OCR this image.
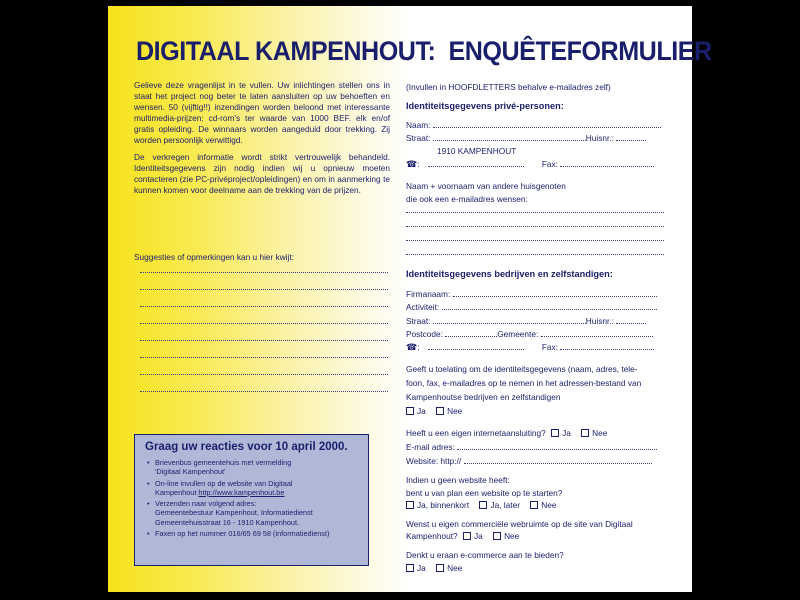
DIGITAAL KAMPENHOUT: ENQUÊTEFORMULIER

Gelieve deze vragenlijst in te vullen. Uw inlichtingen stellen ons in staat het project nog beter te laten aansluiten op uw behoeften en wensen. 50 (vijftig!!) inzendingen worden beloond met interessante multimedia-prijzen: cd-rom's ter waarde van 1000 BEF. elk en/of gratis opleiding. De winnaars worden aangeduid door trekking. Zij worden persoonlijk verwittigd.

De verkregen informatie wordt strikt vertrouwelijk behandeld. Identiteitsgegevens zijn nodig indien wij u opnieuw moeten contacteren (zie PC-privéproject/opleidingen) en om in aanmerking te kunnen komen voor deelname aan de trekking van de prijzen.

Suggesties of opmerkingen kan u hier kwijt:
Graag uw reacties voor 10 april 2000.
• Brievenbus gemeentehuis met vermelding
'Digitaal Kampenhout'
• On-line invullen op de website van Digitaal
Kampenhout http://www.kampenhout.be
• Verzenden naar volgend adres:
Gemeentebestuur Kampenhout, Informatiedienst
Gemeentehuisstraat 16 - 1910 Kampenhout.
• Faxen op het nummer 016/65 69 58 (informatiedienst)
(Invullen in HOOFDLETTERS behalve e-mailadres zelf)
Identiteitsgegevens privé-personen:
Naam:
Straat:	Huisnr.:
1910 KAMPENHOUT
☎:	Fax:
Naam + voornaam van andere huisgenoten
die ook een e-mailadres wensen:
Identiteitsgegevens bedrijven en zelfstandigen:
Firmanaam:
Activiteit:
Straat:	Huisnr.:
Postcode:	Gemeente:
☎:	Fax:
Geeft u toelating om de identiteitsgegevens (naam, adres, tele-
foon, fax, e-mailadres op te nemen in het adressen-bestand van
Kampenhoutse bedrijven en zelfstandigen
Ja	Nee
Heeft u een eigen internetaansluiting? Ja	Nee
E-mail adres:
Website: http://
Indien u geen website heeft:
bent u van plan een website op te starten?
Ja, binnenkort	Ja, later	Nee
Wenst u eigen commerciële webruimte op de site van Digitaal
Kampenhout? Ja	Nee
Denkt u eraan e-commerce aan te bieden?
Ja	Nee
